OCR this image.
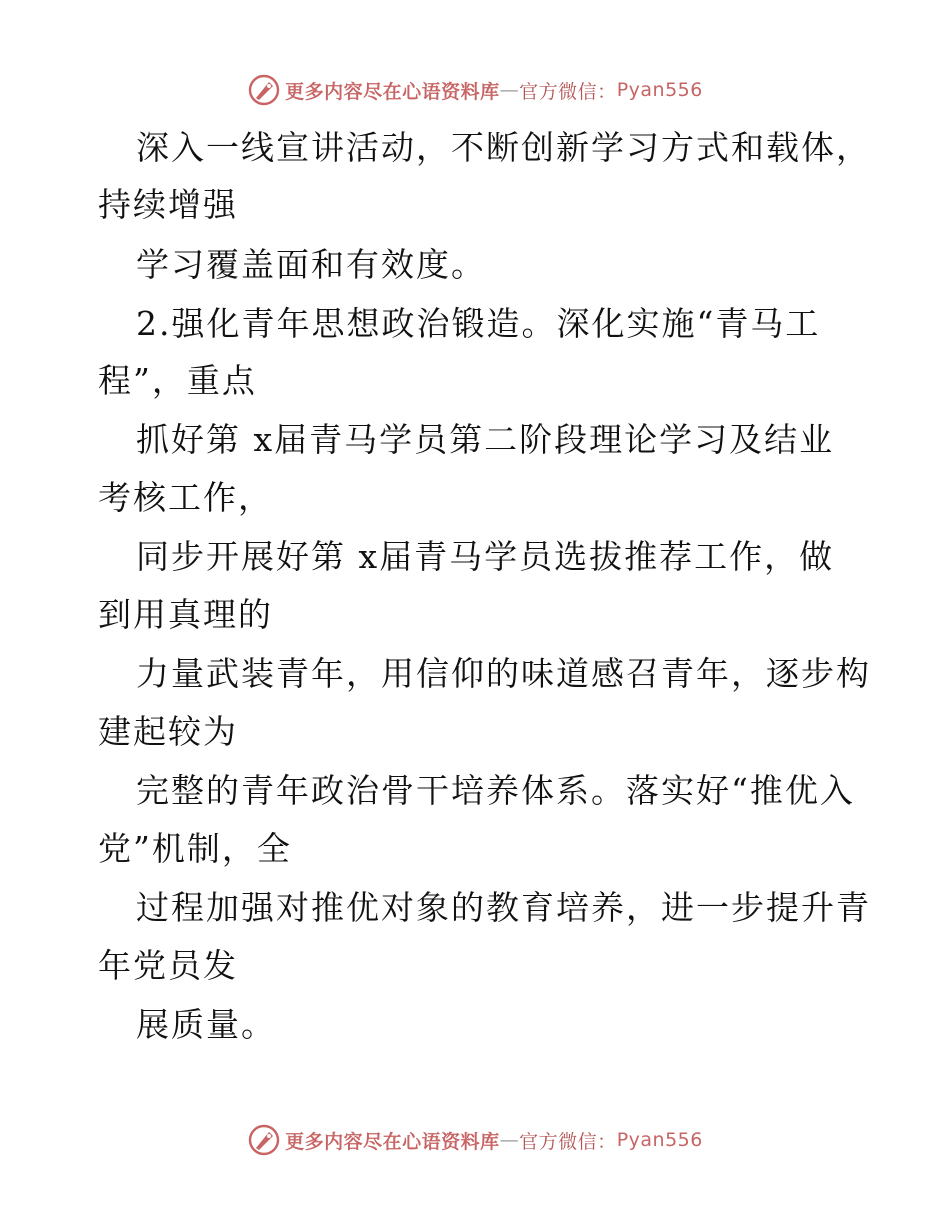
更多内容尽在心语资料库 — 官方微信： Pyan556
深入一线宣讲活动，不断创新学习方式和载体，
持续增强
学习覆盖面和有效度。
2.强化青年思想政治锻造。深化实施“青马工
程”，重点
抓好第 x届青马学员第二阶段理论学习及结业
考核工作，
同步开展好第 x届青马学员选拔推荐工作，做
到用真理的
力量武装青年，用信仰的味道感召青年，逐步构
建起较为
完整的青年政治骨干培养体系。落实好“推优入
党”机制，全
过程加强对推优对象的教育培养，进一步提升青
年党员发
展质量。
更多内容尽在心语资料库 — 官方微信： Pyan556
